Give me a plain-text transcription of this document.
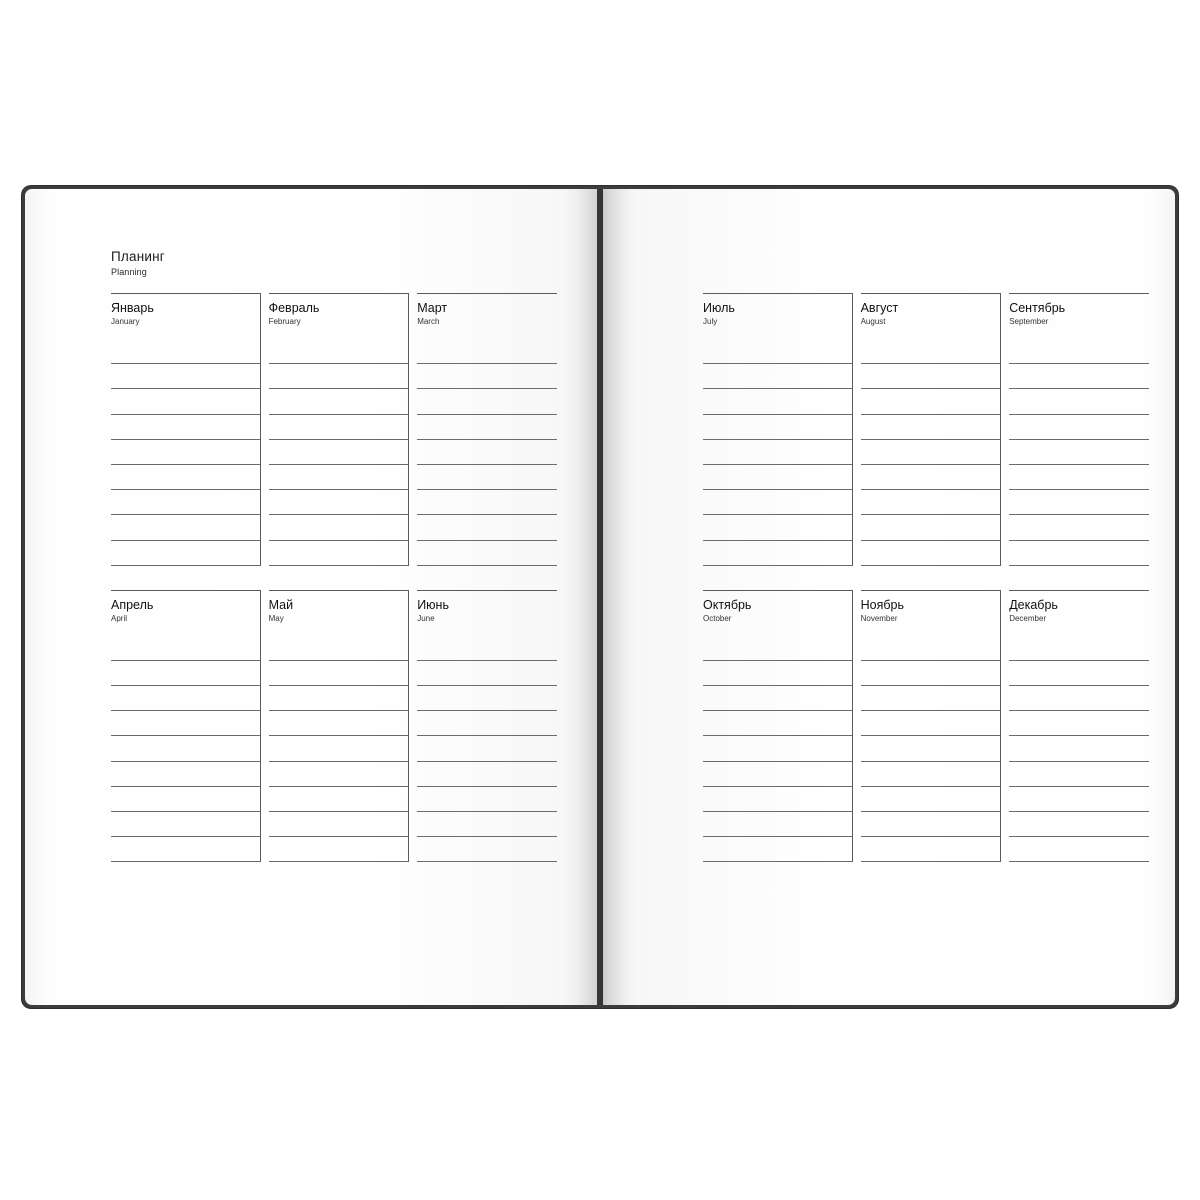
Планинг
Planning
Январь
January
Февраль
February
Март
March
Апрель
April
Май
May
Июнь
June
Июль
July
Август
August
Сентябрь
September
Октябрь
October
Ноябрь
November
Декабрь
December
